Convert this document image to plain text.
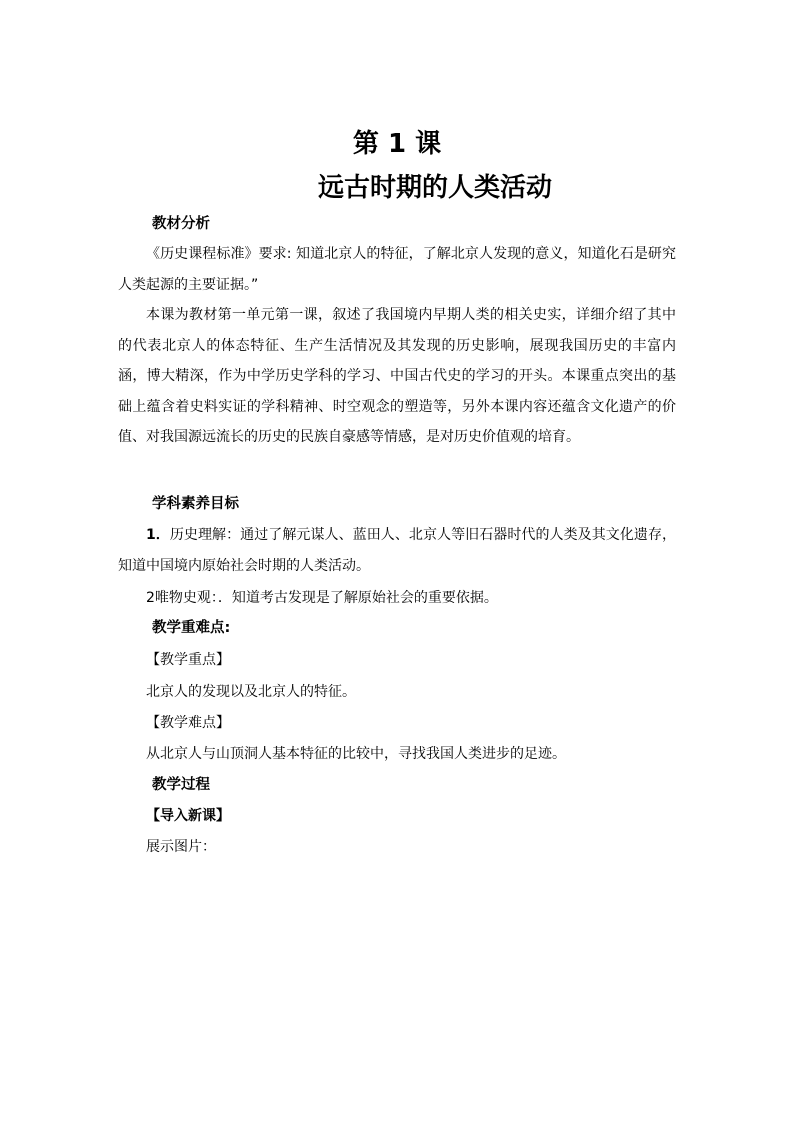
第 1 课
远古时期的人类活动
教材分析
《历史课程标准》要求: 知道北京人的特征，了解北京人发现的意义，知道化石是研究人类起源的主要证据。”
本课为教材第一单元第一课，叙述了我国境内早期人类的相关史实，详细介绍了其中的代表北京人的体态特征、生产生活情况及其发现的历史影响，展现我国历史的丰富内涵，博大精深，作为中学历史学科的学习、中国古代史的学习的开头。本课重点突出的基础上蕴含着史料实证的学科精神、时空观念的塑造等，另外本课内容还蕴含文化遗产的价值、对我国源远流长的历史的民族自豪感等情感，是对历史价值观的培育。
学科素养目标
1．历史理解：通过了解元谋人、蓝田人、北京人等旧石器时代的人类及其文化遗存，知道中国境内原始社会时期的人类活动。
2唯物史观：．知道考古发现是了解原始社会的重要依据。
教学重难点:
【教学重点】
北京人的发现以及北京人的特征。
【教学难点】
从北京人与山顶洞人基本特征的比较中，寻找我国人类进步的足迹。
教学过程
【导入新课】
展示图片：
